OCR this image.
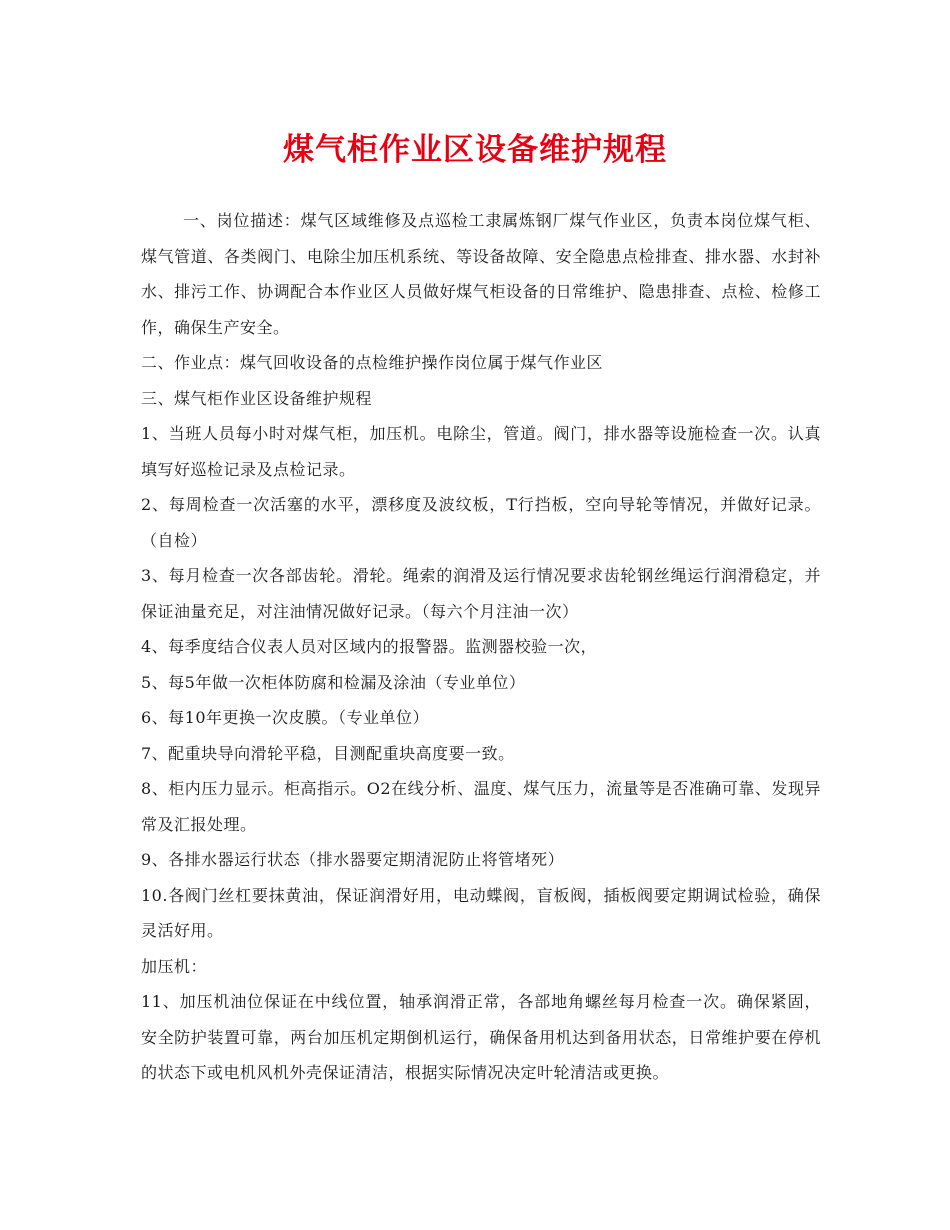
煤气柜作业区设备维护规程

一、岗位描述：煤气区域维修及点巡检工隶属炼钢厂煤气作业区，负责本岗位煤气柜、煤气管道、各类阀门、电除尘加压机系统、等设备故障、安全隐患点检排查、排水器、水封补水、排污工作、协调配合本作业区人员做好煤气柜设备的日常维护、隐患排查、点检、检修工作，确保生产安全。

二、作业点：煤气回收设备的点检维护操作岗位属于煤气作业区

三、煤气柜作业区设备维护规程

1、当班人员每小时对煤气柜，加压机。电除尘，管道。阀门，排水器等设施检查一次。认真填写好巡检记录及点检记录。

2、每周检查一次活塞的水平，漂移度及波纹板，T行挡板，空向导轮等情况，并做好记录。（自检）

3、每月检查一次各部齿轮。滑轮。绳索的润滑及运行情况要求齿轮钢丝绳运行润滑稳定，并保证油量充足，对注油情况做好记录。（每六个月注油一次）

4、每季度结合仪表人员对区域内的报警器。监测器校验一次，

5、每5年做一次柜体防腐和检漏及涂油（专业单位）

6、每10年更换一次皮膜。（专业单位）

7、配重块导向滑轮平稳，目测配重块高度要一致。

8、柜内压力显示。柜高指示。O2在线分析、温度、煤气压力，流量等是否准确可靠、发现异常及汇报处理。

9、各排水器运行状态（排水器要定期清泥防止将管堵死）

10.各阀门丝杠要抹黄油，保证润滑好用，电动蝶阀，盲板阀，插板阀要定期调试检验，确保灵活好用。

加压机：

11、加压机油位保证在中线位置，轴承润滑正常，各部地角螺丝每月检查一次。确保紧固，安全防护装置可靠，两台加压机定期倒机运行，确保备用机达到备用状态，日常维护要在停机的状态下或电机风机外壳保证清洁，根据实际情况决定叶轮清洁或更换。
